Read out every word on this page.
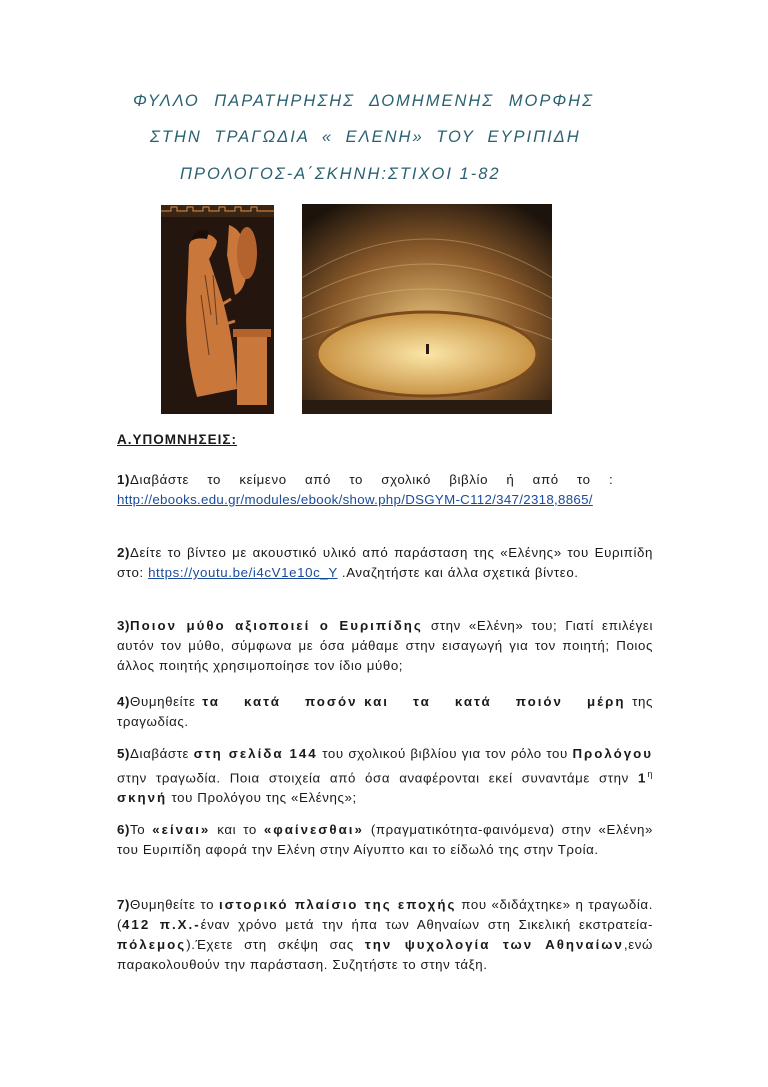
ΦΥΛΛΟ ΠΑΡΑΤΗΡΗΣΗΣ ΔΟΜΗΜΕΝΗΣ ΜΟΡΦΗΣ
ΣΤΗΝ ΤΡΑΓΩΔΙΑ « ΕΛΕΝΗ» ΤΟΥ ΕΥΡΙΠΙΔΗ
ΠΡΟΛΟΓΟΣ-Α΄ΣΚΗΝΗ:ΣΤΙΧΟΙ 1-82
Α.ΥΠΟΜΝΗΣΕΙΣ:

1)Διαβάστε το κείμενο από το σχολικό βιβλίο ή από το :
http://ebooks.edu.gr/modules/ebook/show.php/DSGYM-C112/347/2318,8865/

2)Δείτε το βίντεο με ακουστικό υλικό από παράσταση της «Ελένης» του Ευριπίδη στο: https://youtu.be/i4cV1e10c_Y .Αναζητήστε και άλλα σχετικά βίντεο.

3)Ποιον μύθο αξιοποιεί ο Ευριπίδης στην «Ελένη» του; Γιατί επιλέγει αυτόν τον μύθο, σύμφωνα με όσα μάθαμε στην εισαγωγή για τον ποιητή; Ποιος άλλος ποιητής χρησιμοποίησε τον ίδιο μύθο;

4)Θυμηθείτε τα κατά ποσόν και τα κατά ποιόν μέρη της τραγωδίας.

5)Διαβάστε στη σελίδα 144 του σχολικού βιβλίου για τον ρόλο του Προλόγου στην τραγωδία. Ποια στοιχεία από όσα αναφέρονται εκεί συναντάμε στην $1^\eta$ σκηνή του Προλόγου της «Ελένης»;

6)Το «είναι» και το «φαίνεσθαι» (πραγματικότητα-φαινόμενα) στην «Ελένη» του Ευριπίδη αφορά την Ελένη στην Αίγυπτο και το είδωλό της στην Τροία.

7)Θυμηθείτε το ιστορικό πλαίσιο της εποχής που «διδάχτηκε» η τραγωδία.(412 π.Χ.-έναν χρόνο μετά την ήπα των Αθηναίων στη Σικελική εκστρατεία-πόλεμος).Έχετε στη σκέψη σας την ψυχολογία των Αθηναίων,ενώ παρακολουθούν την παράσταση. Συζητήστε το στην τάξη.
